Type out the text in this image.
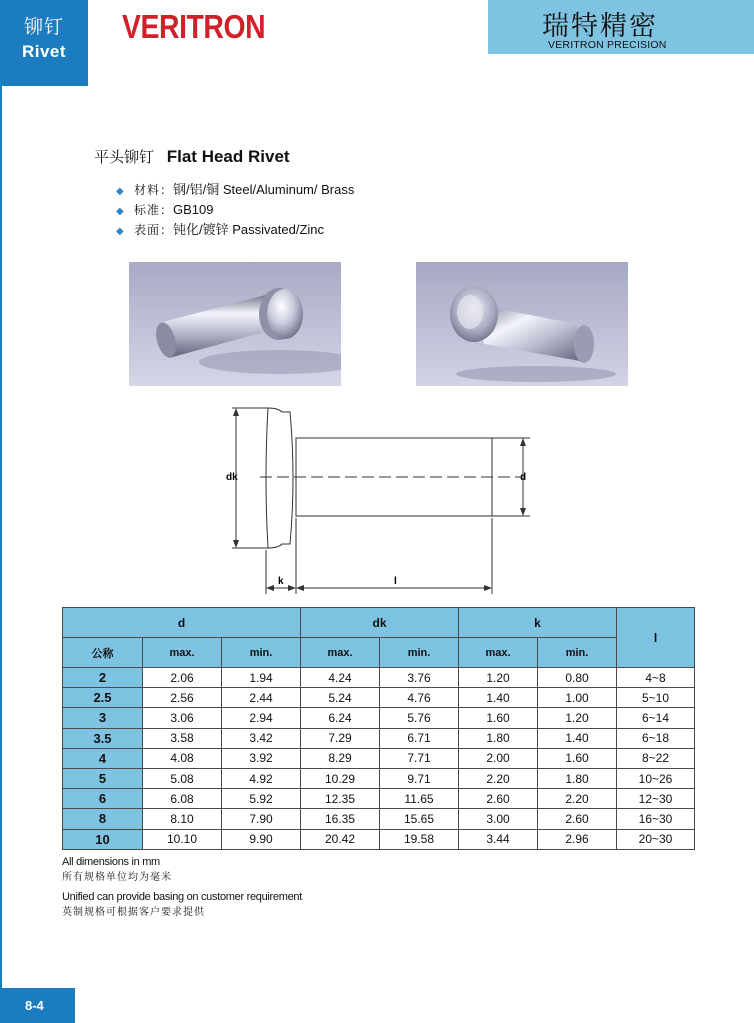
铆钉
Rivet
VERITRON	瑞特精密
VERITRON PRECISION
平头铆钉 Flat Head Rivet
◆ 材料：钢/铝/铜 Steel/Aluminum/ Brass
◆ 标准：GB109
◆ 表面：钝化/镀锌 Passivated/Zinc
dk	d
k	l
d			dk		k		l
公称	max.	min.	max.	min.	max.	min.	
2	2.06	1.94	4.24	3.76	1.20	0.80	4~8
2.5	2.56	2.44	5.24	4.76	1.40	1.00	5~10
3	3.06	2.94	6.24	5.76	1.60	1.20	6~14
3.5	3.58	3.42	7.29	6.71	1.80	1.40	6~18
4	4.08	3.92	8.29	7.71	2.00	1.60	8~22
5	5.08	4.92	10.29	9.71	2.20	1.80	10~26
6	6.08	5.92	12.35	11.65	2.60	2.20	12~30
8	8.10	7.90	16.35	15.65	3.00	2.60	16~30
10	10.10	9.90	20.42	19.58	3.44	2.96	20~30
All dimensions in mm
所有规格单位均为毫米
Unified can provide basing on customer requirement
英制规格可根据客户要求提供
8-4
